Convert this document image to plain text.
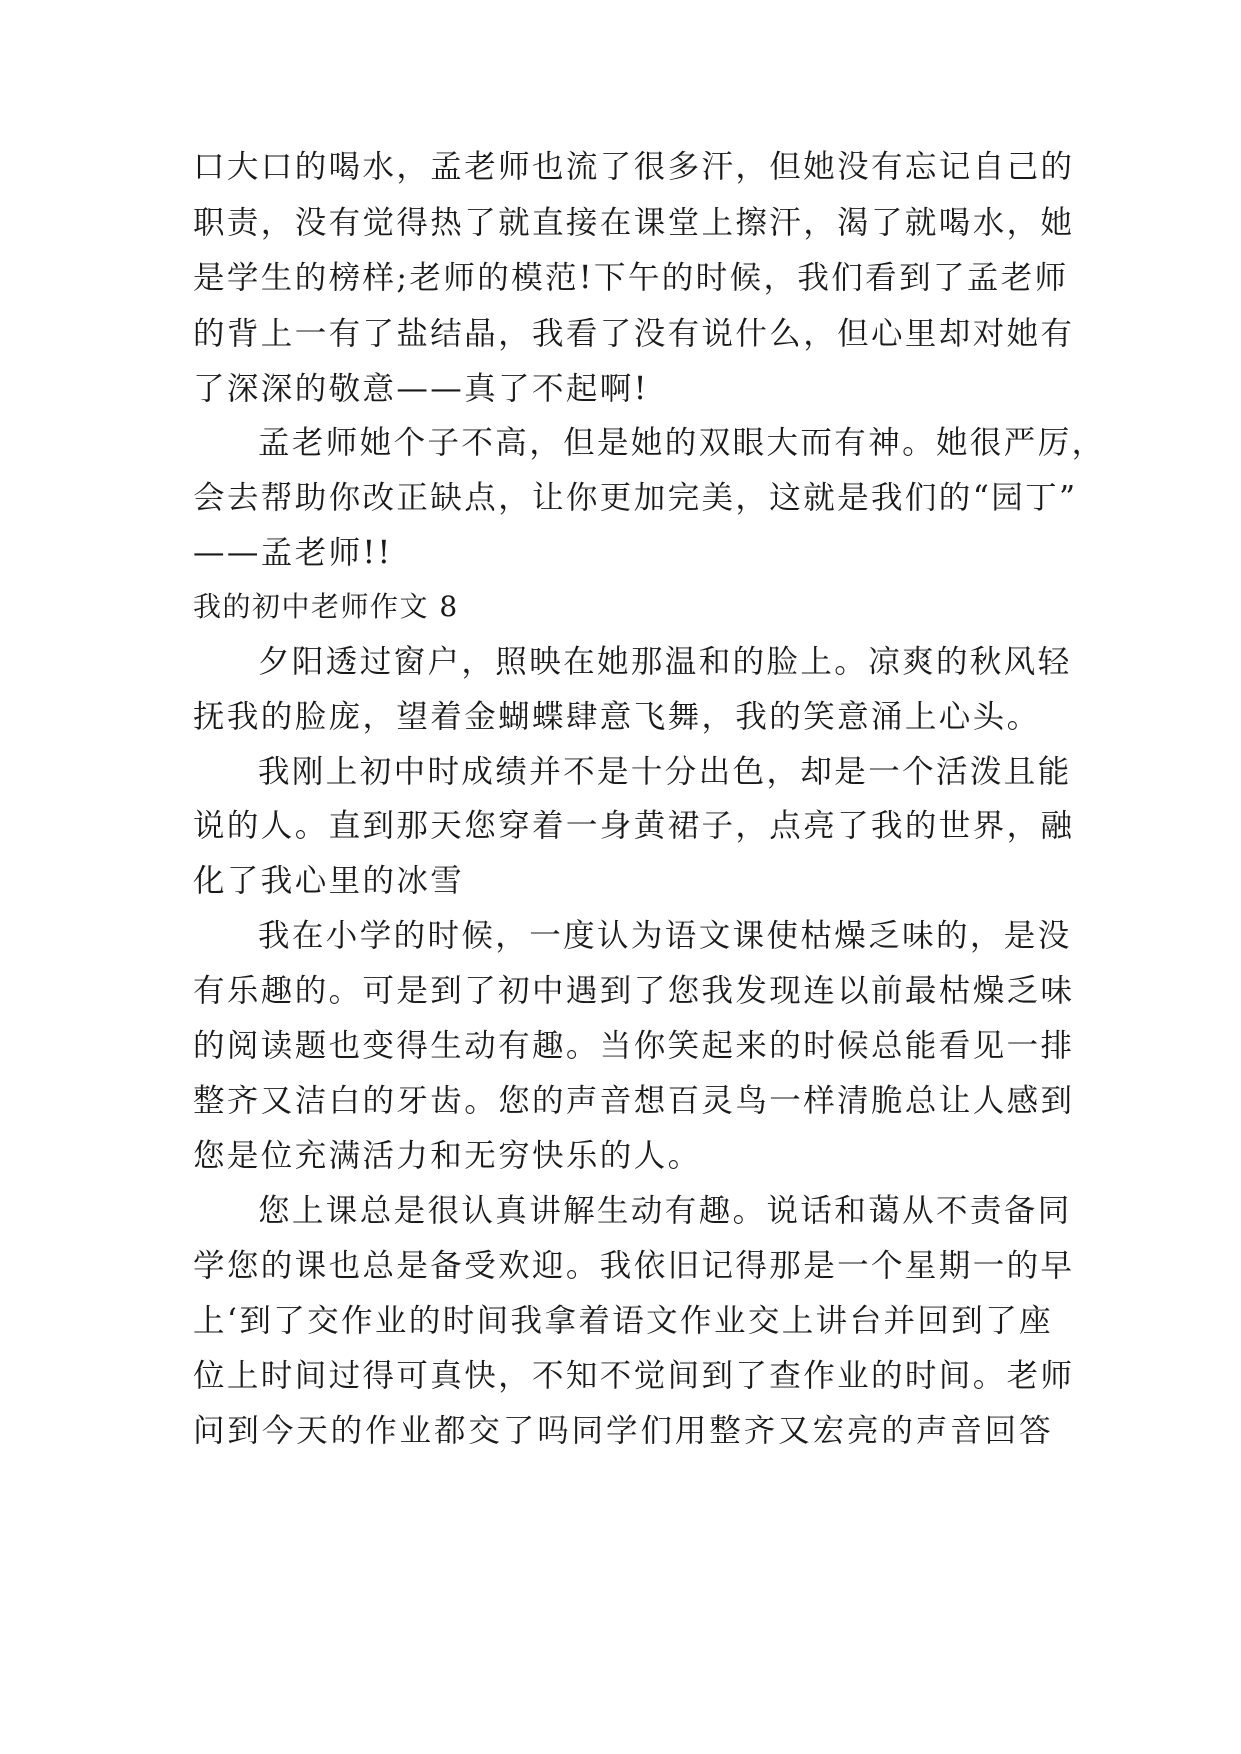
口大口的喝水，孟老师也流了很多汗，但她没有忘记自己的
职责，没有觉得热了就直接在课堂上擦汗，渴了就喝水，她
是学生的榜样;老师的模范!下午的时候，我们看到了孟老师
的背上一有了盐结晶，我看了没有说什么，但心里却对她有
了深深的敬意——真了不起啊!
孟老师她个子不高，但是她的双眼大而有神。她很严厉，
会去帮助你改正缺点，让你更加完美，这就是我们的“园丁”
——孟老师!!
我的初中老师作文 8
夕阳透过窗户，照映在她那温和的脸上。凉爽的秋风轻
抚我的脸庞，望着金蝴蝶肆意飞舞，我的笑意涌上心头。
我刚上初中时成绩并不是十分出色，却是一个活泼且能
说的人。直到那天您穿着一身黄裙子，点亮了我的世界，融
化了我心里的冰雪
我在小学的时候，一度认为语文课使枯燥乏味的，是没
有乐趣的。可是到了初中遇到了您我发现连以前最枯燥乏味
的阅读题也变得生动有趣。当你笑起来的时候总能看见一排
整齐又洁白的牙齿。您的声音想百灵鸟一样清脆总让人感到
您是位充满活力和无穷快乐的人。
您上课总是很认真讲解生动有趣。说话和蔼从不责备同
学您的课也总是备受欢迎。我依旧记得那是一个星期一的早
上‘到了交作业的时间我拿着语文作业交上讲台并回到了座
位上时间过得可真快，不知不觉间到了查作业的时间。老师
问到今天的作业都交了吗同学们用整齐又宏亮的声音回答
